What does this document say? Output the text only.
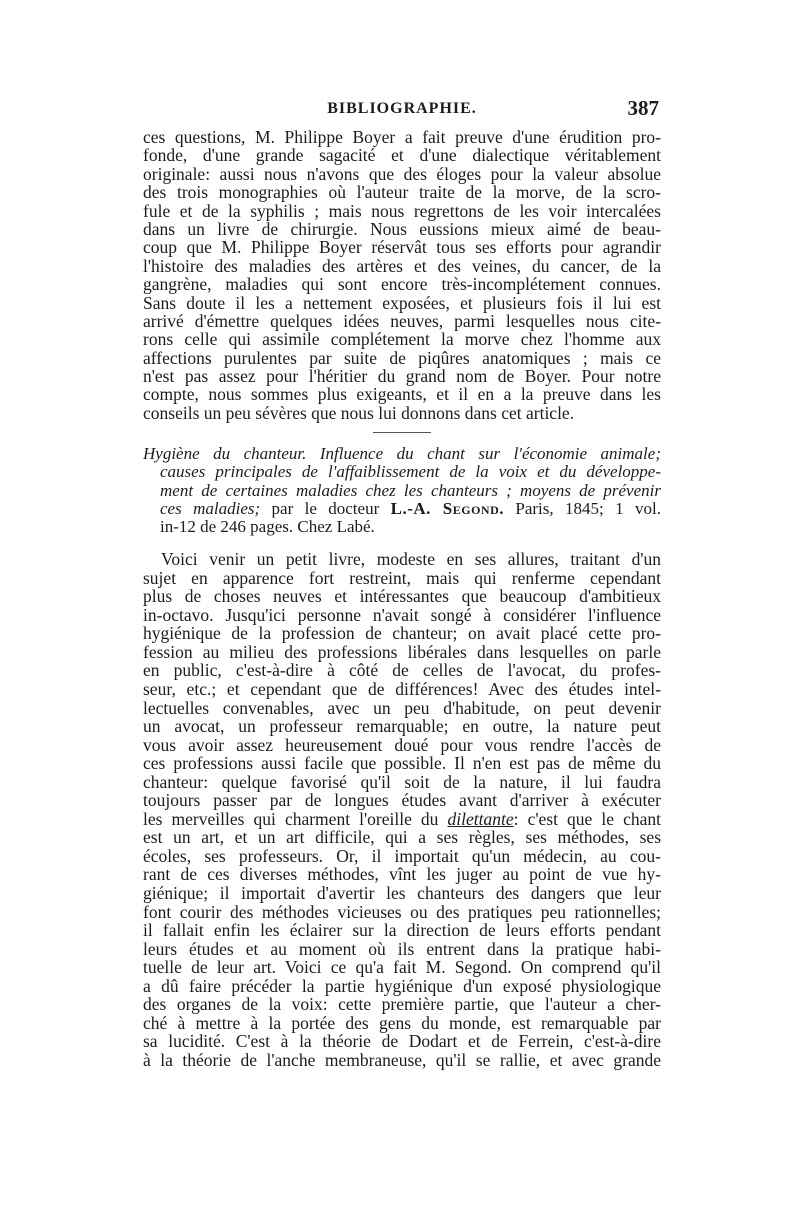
BIBLIOGRAPHIE.	387
ces questions, M. Philippe Boyer a fait preuve d'une érudition pro-
fonde, d'une grande sagacité et d'une dialectique véritablement
originale: aussi nous n'avons que des éloges pour la valeur absolue
des trois monographies où l'auteur traite de la morve, de la scro-
fule et de la syphilis ; mais nous regrettons de les voir intercalées
dans un livre de chirurgie. Nous eussions mieux aimé de beau-
coup que M. Philippe Boyer réservât tous ses efforts pour agrandir
l'histoire des maladies des artères et des veines, du cancer, de la
gangrène, maladies qui sont encore très-incomplétement connues.
Sans doute il les a nettement exposées, et plusieurs fois il lui est
arrivé d'émettre quelques idées neuves, parmi lesquelles nous cite-
rons celle qui assimile complétement la morve chez l'homme aux
affections purulentes par suite de piqûres anatomiques ; mais ce
n'est pas assez pour l'héritier du grand nom de Boyer. Pour notre
compte, nous sommes plus exigeants, et il en a la preuve dans les
conseils un peu sévères que nous lui donnons dans cet article.
Hygiène du chanteur. Influence du chant sur l'économie animale;
causes principales de l'affaiblissement de la voix et du développe-
ment de certaines maladies chez les chanteurs ; moyens de prévenir
ces maladies; par le docteur L.-A. Segond. Paris, 1845; 1 vol.
in-12 de 246 pages. Chez Labé.
Voici venir un petit livre, modeste en ses allures, traitant d'un
sujet en apparence fort restreint, mais qui renferme cependant
plus de choses neuves et intéressantes que beaucoup d'ambitieux
in-octavo. Jusqu'ici personne n'avait songé à considérer l'influence
hygiénique de la profession de chanteur; on avait placé cette pro-
fession au milieu des professions libérales dans lesquelles on parle
en public, c'est-à-dire à côté de celles de l'avocat, du profes-
seur, etc.; et cependant que de différences! Avec des études intel-
lectuelles convenables, avec un peu d'habitude, on peut devenir
un avocat, un professeur remarquable; en outre, la nature peut
vous avoir assez heureusement doué pour vous rendre l'accès de
ces professions aussi facile que possible. Il n'en est pas de même du
chanteur: quelque favorisé qu'il soit de la nature, il lui faudra
toujours passer par de longues études avant d'arriver à exécuter
les merveilles qui charment l'oreille du dilettante: c'est que le chant
est un art, et un art difficile, qui a ses règles, ses méthodes, ses
écoles, ses professeurs. Or, il importait qu'un médecin, au cou-
rant de ces diverses méthodes, vînt les juger au point de vue hy-
giénique; il importait d'avertir les chanteurs des dangers que leur
font courir des méthodes vicieuses ou des pratiques peu rationnelles;
il fallait enfin les éclairer sur la direction de leurs efforts pendant
leurs études et au moment où ils entrent dans la pratique habi-
tuelle de leur art. Voici ce qu'a fait M. Segond. On comprend qu'il
a dû faire précéder la partie hygiénique d'un exposé physiologique
des organes de la voix: cette première partie, que l'auteur a cher-
ché à mettre à la portée des gens du monde, est remarquable par
sa lucidité. C'est à la théorie de Dodart et de Ferrein, c'est-à-dire
à la théorie de l'anche membraneuse, qu'il se rallie, et avec grande
